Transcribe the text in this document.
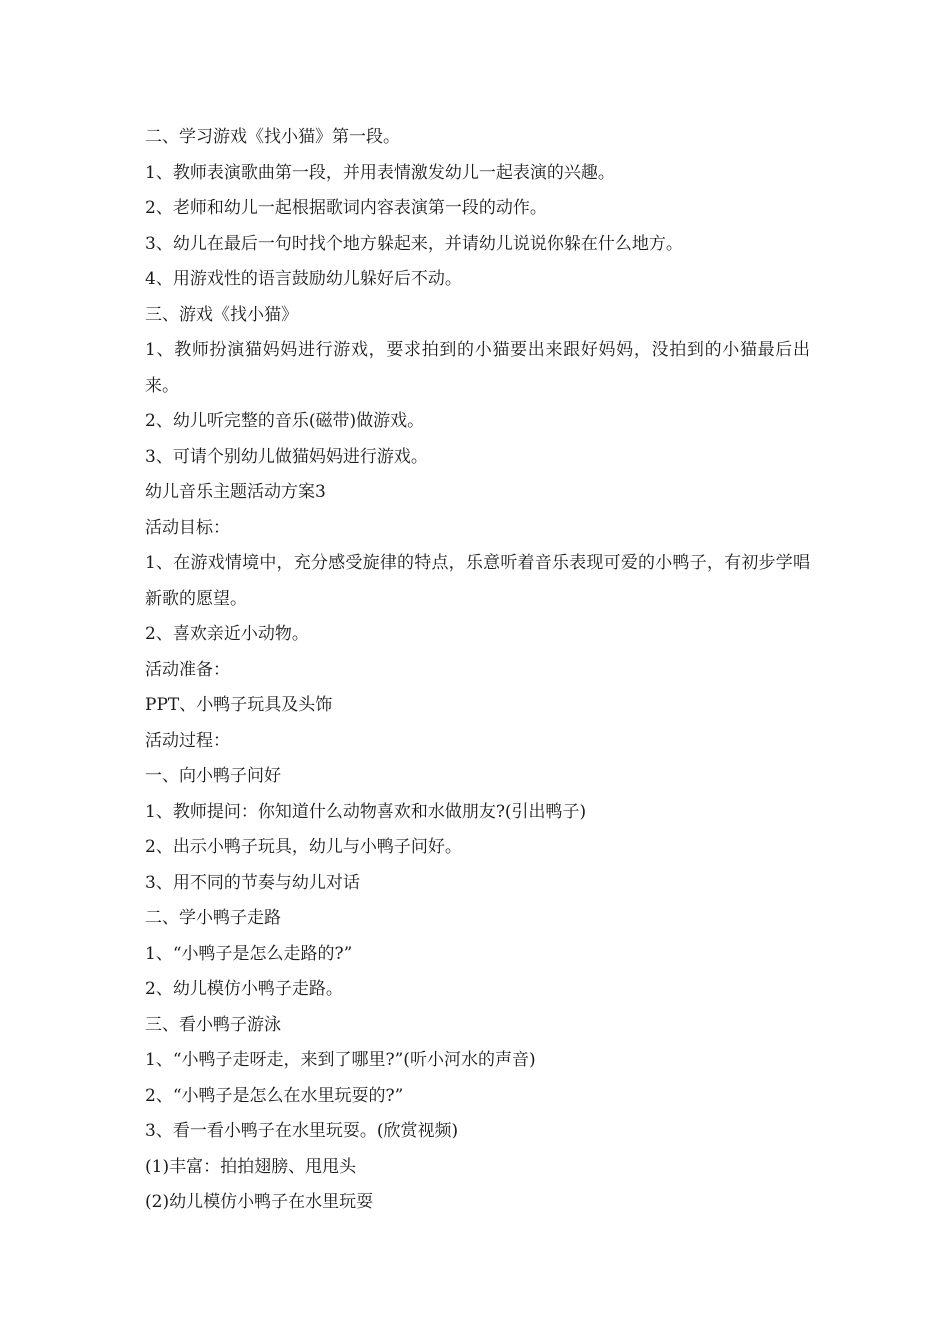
二、学习游戏《找小猫》第一段。

1、教师表演歌曲第一段，并用表情激发幼儿一起表演的兴趣。

2、老师和幼儿一起根据歌词内容表演第一段的动作。

3、幼儿在最后一句时找个地方躲起来，并请幼儿说说你躲在什么地方。

4、用游戏性的语言鼓励幼儿躲好后不动。

三、游戏《找小猫》

1、教师扮演猫妈妈进行游戏，要求拍到的小猫要出来跟好妈妈，没拍到的小猫最后出来。

2、幼儿听完整的音乐(磁带)做游戏。

3、可请个别幼儿做猫妈妈进行游戏。

幼儿音乐主题活动方案3

活动目标：

1、在游戏情境中，充分感受旋律的特点，乐意听着音乐表现可爱的小鸭子，有初步学唱新歌的愿望。

2、喜欢亲近小动物。

活动准备：

PPT、小鸭子玩具及头饰

活动过程：

一、向小鸭子问好

1、教师提问：你知道什么动物喜欢和水做朋友?(引出鸭子)

2、出示小鸭子玩具，幼儿与小鸭子问好。

3、用不同的节奏与幼儿对话

二、学小鸭子走路

1、“小鸭子是怎么走路的?”

2、幼儿模仿小鸭子走路。

三、看小鸭子游泳

1、“小鸭子走呀走，来到了哪里?”(听小河水的声音)

2、“小鸭子是怎么在水里玩耍的?”

3、看一看小鸭子在水里玩耍。(欣赏视频)

(1)丰富：拍拍翅膀、甩甩头

(2)幼儿模仿小鸭子在水里玩耍
